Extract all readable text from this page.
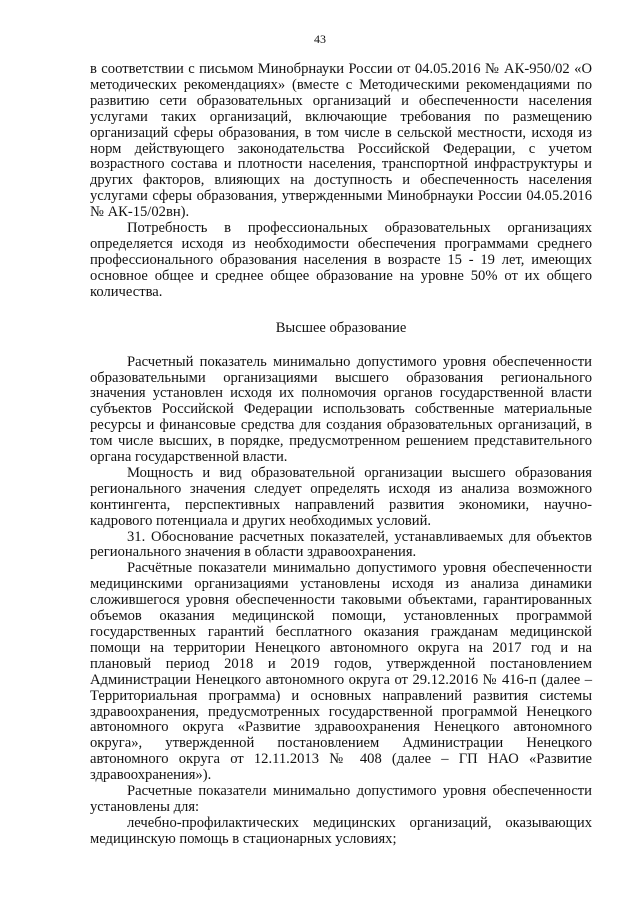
43

в соответствии с письмом Минобрнауки России от 04.05.2016 № АК-950/02 «О методических рекомендациях» (вместе с Методическими рекомендациями по развитию сети образовательных организаций и обеспеченности населения услугами таких организаций, включающие требования по размещению организаций сферы образования, в том числе в сельской местности, исходя из норм действующего законодательства Российской Федерации, с учетом возрастного состава и плотности населения, транспортной инфраструктуры и других факторов, влияющих на доступность и обеспеченность населения услугами сферы образования, утвержденными Минобрнауки России 04.05.2016 № АК-15/02вн).

Потребность в профессиональных образовательных организациях определяется исходя из необходимости обеспечения программами среднего профессионального образования населения в возрасте 15 - 19 лет, имеющих основное общее и среднее общее образование на уровне 50% от их общего количества.

Высшее образование

Расчетный показатель минимально допустимого уровня обеспеченности образовательными организациями высшего образования регионального значения установлен исходя их полномочия органов государственной власти субъектов Российской Федерации использовать собственные материальные ресурсы и финансовые средства для создания образовательных организаций, в том числе высших, в порядке, предусмотренном решением представительного органа государственной власти.

Мощность и вид образовательной организации высшего образования регионального значения следует определять исходя из анализа возможного контингента, перспективных направлений развития экономики, научно-кадрового потенциала и других необходимых условий.

31. Обоснование расчетных показателей, устанавливаемых для объектов регионального значения в области здравоохранения.

Расчётные показатели минимально допустимого уровня обеспеченности медицинскими организациями установлены исходя из анализа динамики сложившегося уровня обеспеченности таковыми объектами, гарантированных объемов оказания медицинской помощи, установленных программой государственных гарантий бесплатного оказания гражданам медицинской помощи на территории Ненецкого автономного округа на 2017 год и на плановый период 2018 и 2019 годов, утвержденной постановлением Администрации Ненецкого автономного округа от 29.12.2016 № 416-п (далее – Территориальная программа) и основных направлений развития системы здравоохранения, предусмотренных государственной программой Ненецкого автономного округа «Развитие здравоохранения Ненецкого автономного округа», утвержденной постановлением Администрации Ненецкого автономного округа от 12.11.2013 № 408 (далее – ГП НАО «Развитие здравоохранения»).

Расчетные показатели минимально допустимого уровня обеспеченности установлены для:

лечебно-профилактических медицинских организаций, оказывающих медицинскую помощь в стационарных условиях;
